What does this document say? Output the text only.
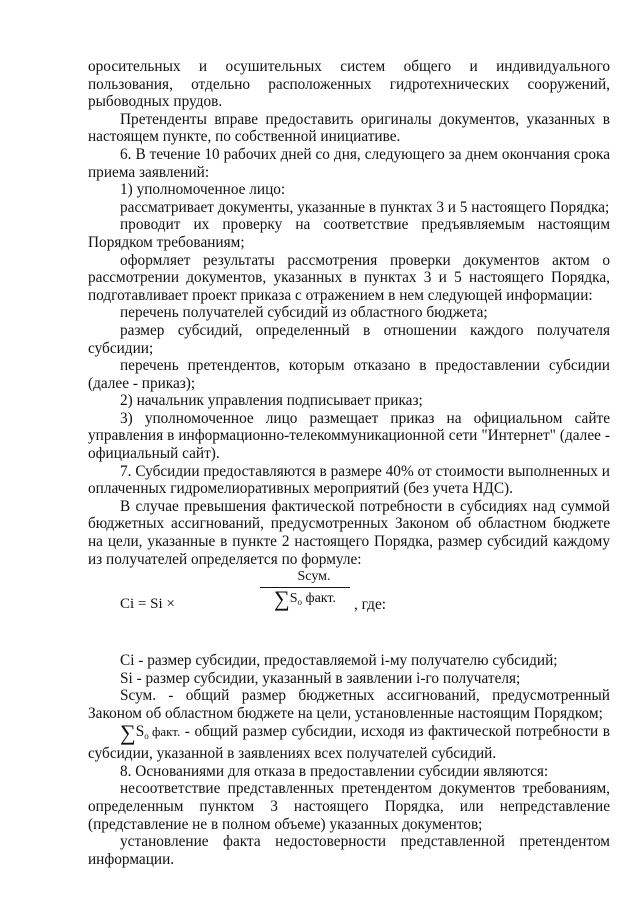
оросительных и осушительных систем общего и индивидуального пользования, отдельно расположенных гидротехнических сооружений, рыбоводных прудов.

Претенденты вправе предоставить оригиналы документов, указанных в настоящем пункте, по собственной инициативе.

6. В течение 10 рабочих дней со дня, следующего за днем окончания срока приема заявлений:

1) уполномоченное лицо:

рассматривает документы, указанные в пунктах 3 и 5 настоящего Порядка;

проводит их проверку на соответствие предъявляемым настоящим Порядком требованиям;

оформляет результаты рассмотрения проверки документов актом о рассмотрении документов, указанных в пунктах 3 и 5 настоящего Порядка, подготавливает проект приказа с отражением в нем следующей информации:

перечень получателей субсидий из областного бюджета;

размер субсидий, определенный в отношении каждого получателя субсидии;

перечень претендентов, которым отказано в предоставлении субсидии (далее - приказ);

2) начальник управления подписывает приказ;

3) уполномоченное лицо размещает приказ на официальном сайте управления в информационно-телекоммуникационной сети "Интернет" (далее - официальный сайт).

7. Субсидии предоставляются в размере 40% от стоимости выполненных и оплаченных гидромелиоративных мероприятий (без учета НДС).

В случае превышения фактической потребности в субсидиях над суммой бюджетных ассигнований, предусмотренных Законом об областном бюджете на цели, указанные в пункте 2 настоящего Порядка, размер субсидий каждому из получателей определяется по формуле:

Ci = Si ×
Sсум.
$\sum S_o$ факт.	, где:

Ci - размер субсидии, предоставляемой i-му получателю субсидий;

Si - размер субсидии, указанный в заявлении i-го получателя;

Sсум. - общий размер бюджетных ассигнований, предусмотренный Законом об областном бюджете на цели, установленные настоящим Порядком;

$\sum S_o$ факт. - общий размер субсидии, исходя из фактической потребности в субсидии, указанной в заявлениях всех получателей субсидий.

8. Основаниями для отказа в предоставлении субсидии являются:

несоответствие представленных претендентом документов требованиям, определенным пунктом 3 настоящего Порядка, или непредставление (представление не в полном объеме) указанных документов;

установление факта недостоверности представленной претендентом информации.
